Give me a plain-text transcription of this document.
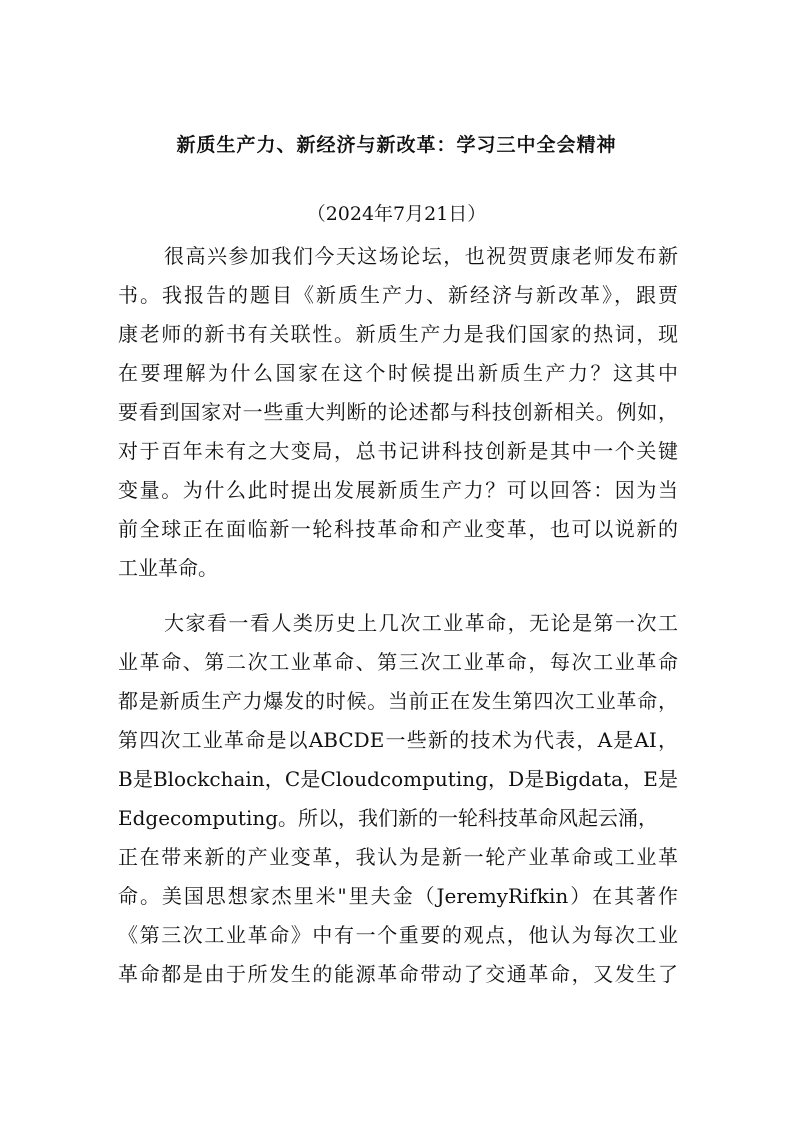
新质生产力、新经济与新改革：学习三中全会精神
（2024年7月21日）
很高兴参加我们今天这场论坛，也祝贺贾康老师发布新
书。我报告的题目《新质生产力、新经济与新改革》，跟贾
康老师的新书有关联性。新质生产力是我们国家的热词，现
在要理解为什么国家在这个时候提出新质生产力？这其中
要看到国家对一些重大判断的论述都与科技创新相关。例如，
对于百年未有之大变局，总书记讲科技创新是其中一个关键
变量。为什么此时提出发展新质生产力？可以回答：因为当
前全球正在面临新一轮科技革命和产业变革，也可以说新的
工业革命。
大家看一看人类历史上几次工业革命，无论是第一次工
业革命、第二次工业革命、第三次工业革命，每次工业革命
都是新质生产力爆发的时候。当前正在发生第四次工业革命，
第四次工业革命是以ABCDE一些新的技术为代表，A是AI，
B是Blockchain，C是Cloudcomputing，D是Bigdata，E是
Edgecomputing。所以，我们新的一轮科技革命风起云涌，
正在带来新的产业变革，我认为是新一轮产业革命或工业革
命。美国思想家杰里米"里夫金（JeremyRifkin）在其著作
《第三次工业革命》中有一个重要的观点，他认为每次工业
革命都是由于所发生的能源革命带动了交通革命，又发生了
